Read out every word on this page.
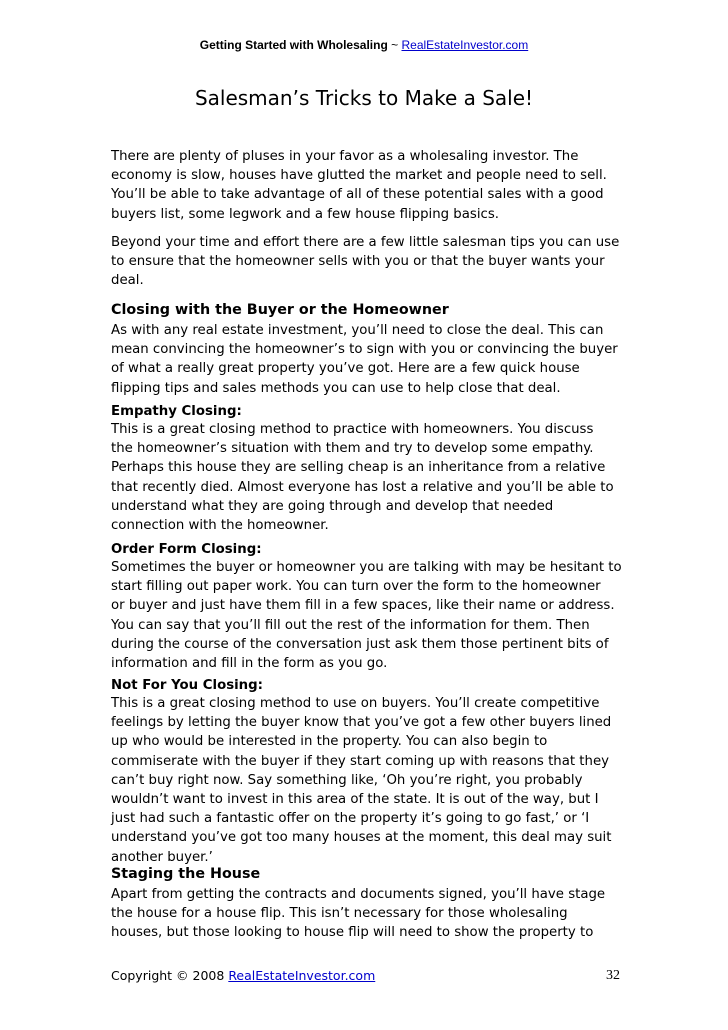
Getting Started with Wholesaling ~ RealEstateInvestor.com
Salesman’s Tricks to Make a Sale!
There are plenty of pluses in your favor as a wholesaling investor. The
economy is slow, houses have glutted the market and people need to sell.
You’ll be able to take advantage of all of these potential sales with a good
buyers list, some legwork and a few house flipping basics.
Beyond your time and effort there are a few little salesman tips you can use
to ensure that the homeowner sells with you or that the buyer wants your
deal.
Closing with the Buyer or the Homeowner
As with any real estate investment, you’ll need to close the deal. This can
mean convincing the homeowner’s to sign with you or convincing the buyer
of what a really great property you’ve got. Here are a few quick house
flipping tips and sales methods you can use to help close that deal.
Empathy Closing:
This is a great closing method to practice with homeowners. You discuss
the homeowner’s situation with them and try to develop some empathy.
Perhaps this house they are selling cheap is an inheritance from a relative
that recently died. Almost everyone has lost a relative and you’ll be able to
understand what they are going through and develop that needed
connection with the homeowner.
Order Form Closing:
Sometimes the buyer or homeowner you are talking with may be hesitant to
start filling out paper work. You can turn over the form to the homeowner
or buyer and just have them fill in a few spaces, like their name or address.
You can say that you’ll fill out the rest of the information for them. Then
during the course of the conversation just ask them those pertinent bits of
information and fill in the form as you go.
Not For You Closing:
This is a great closing method to use on buyers. You’ll create competitive
feelings by letting the buyer know that you’ve got a few other buyers lined
up who would be interested in the property. You can also begin to
commiserate with the buyer if they start coming up with reasons that they
can’t buy right now. Say something like, ‘Oh you’re right, you probably
wouldn’t want to invest in this area of the state. It is out of the way, but I
just had such a fantastic offer on the property it’s going to go fast,’ or ‘I
understand you’ve got too many houses at the moment, this deal may suit
another buyer.’
Staging the House
Apart from getting the contracts and documents signed, you’ll have stage
the house for a house flip. This isn’t necessary for those wholesaling
houses, but those looking to house flip will need to show the property to
Copyright © 2008 RealEstateInvestor.com	32
